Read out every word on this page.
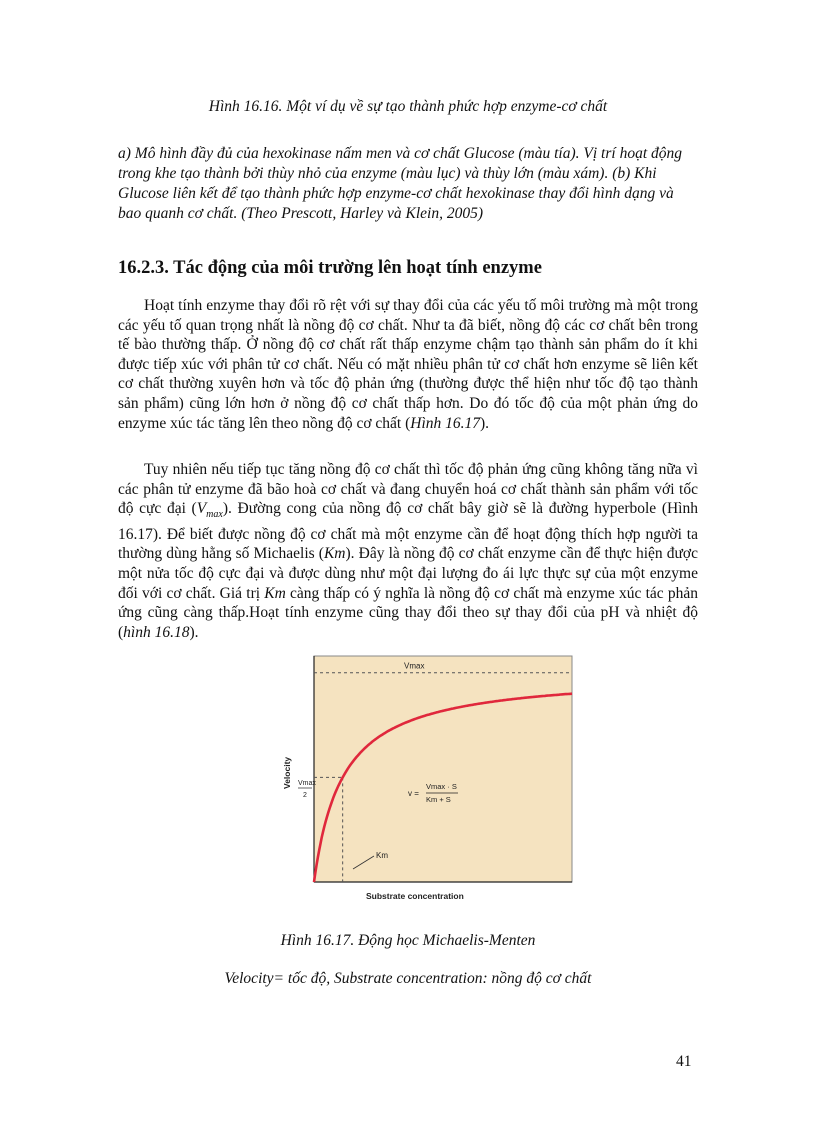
Hình 16.16. Một ví dụ về sự tạo thành phức hợp enzyme-cơ chất
a) Mô hình đầy đủ của hexokinase nấm men và cơ chất Glucose (màu tía). Vị trí hoạt động trong khe tạo thành bởi thùy nhỏ của enzyme (màu lục) và thùy lớn (màu xám). (b) Khi Glucose liên kết để tạo thành phức hợp enzyme-cơ chất hexokinase thay đổi hình dạng và bao quanh cơ chất. (Theo Prescott, Harley và Klein, 2005)
16.2.3. Tác động của môi trường lên hoạt tính enzyme
Hoạt tính enzyme thay đổi rõ rệt với sự thay đổi của các yếu tố môi trường mà một trong các yếu tố quan trọng nhất là nồng độ cơ chất. Như ta đã biết, nồng độ các cơ chất bên trong tế bào thường thấp. Ở nồng độ cơ chất rất thấp enzyme chậm tạo thành sản phẩm do ít khi được tiếp xúc với phân tử cơ chất. Nếu có mặt nhiều phân tử cơ chất hơn enzyme sẽ liên kết cơ chất thường xuyên hơn và tốc độ phản ứng (thường được thể hiện như tốc độ tạo thành sản phẩm) cũng lớn hơn ở nồng độ cơ chất thấp hơn. Do đó tốc độ của một phản ứng do enzyme xúc tác tăng lên theo nồng độ cơ chất (Hình 16.17).
Tuy nhiên nếu tiếp tục tăng nồng độ cơ chất thì tốc độ phản ứng cũng không tăng nữa vì các phân tử enzyme đã bão hoà cơ chất và đang chuyển hoá cơ chất thành sản phẩm với tốc độ cực đại $(V_{max})$. Đường cong của nồng độ cơ chất bây giờ sẽ là đường hyperbole (Hình 16.17). Để biết được nồng độ cơ chất mà một enzyme cần để hoạt động thích hợp người ta thường dùng hằng số Michaelis (Km). Đây là nồng độ cơ chất enzyme cần để thực hiện được một nửa tốc độ cực đại và được dùng như một đại lượng đo ái lực thực sự của một enzyme đối với cơ chất. Giá trị Km càng thấp có ý nghĩa là nồng độ cơ chất mà enzyme xúc tác phản ứng cũng càng thấp.Hoạt tính enzyme cũng thay đổi theo sự thay đổi của pH và nhiệt độ (hình 16.18).
Km
Vmax
Vmax
2	v =
Vmax · S
Km + S
Velocity
Substrate concentration
Hình 16.17. Động học Michaelis-Menten
Velocity= tốc độ, Substrate concentration: nồng độ cơ chất
41
